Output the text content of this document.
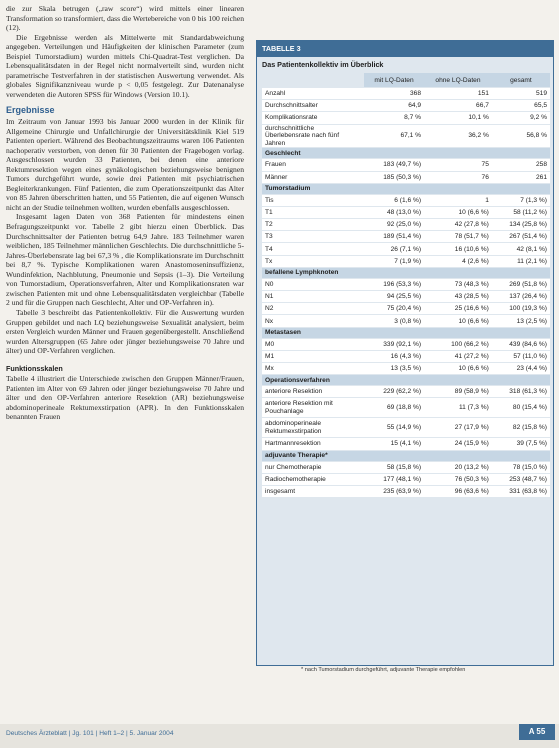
die zur Skala betrugen („raw score“) wird mittels einer linearen Transformation so transformiert, dass die Wertebereiche von 0 bis 100 reichen (12).

Die Ergebnisse werden als Mittelwerte mit Standardabweichung angegeben. Verteilungen und Häufigkeiten der klinischen Parameter (zum Beispiel Tumorstadium) wurden mittels Chi-Quadrat-Test verglichen. Da Lebensqualitätsdaten in der Regel nicht normalverteilt sind, wurden nicht parametrische Testverfahren in der statistischen Auswertung verwendet. Als globales Signifikanzniveau wurde p < 0,05 festgelegt. Zur Datenanalyse verwendeten die Autoren SPSS für Windows (Version 10.1).

Ergebnisse

Im Zeitraum von Januar 1993 bis Januar 2000 wurden in der Klinik für Allgemeine Chirurgie und Unfallchirurgie der Universitätsklinik Kiel 519 Patienten operiert. Während des Beobachtungszeitraums waren 106 Patienten nachoperativ verstorben, von denen für 30 Patienten der Fragebogen vorlag. Ausgeschlossen wurden 33 Patienten, bei denen eine anteriore Rektumresektion wegen eines gynäkologischen beziehungsweise benignen Tumors durchgeführt wurde, sowie drei Patienten mit psychiatrischen Begleiterkrankungen. Fünf Patienten, die zum Operationszeitpunkt das Alter von 85 Jahren überschritten hatten, und 55 Patienten, die auf eigenen Wunsch nicht an der Studie teilnehmen wollten, wurden ebenfalls ausgeschlossen.

Insgesamt lagen Daten von 368 Patienten für mindestens einen Befragungszeitpunkt vor. Tabelle 2 gibt hierzu einen Überblick. Das Durchschnittsalter der Patienten betrug 64,9 Jahre. 183 Teilnehmer waren weiblichen, 185 Teilnehmer männlichen Geschlechts. Die durchschnittliche 5-Jahres-Überlebensrate lag bei 67,3 % , die Komplikationsrate im Durchschnitt bei 8,7 %. Typische Komplikationen waren Anastomoseninsuffizienz, Wundinfektion, Nachblutung, Pneumonie und Sepsis (1–3). Die Verteilung von Tumorstadium, Operationsverfahren, Alter und Komplikationsraten war zwischen Patienten mit und ohne Lebensqualitätsdaten vergleichbar (Tabelle 2 und für die Gruppen nach Geschlecht, Alter und OP-Verfahren in).

Tabelle 3 beschreibt das Patientenkollektiv. Für die Auswertung wurden Gruppen gebildet und nach LQ beziehungsweise Sexualität analysiert, beim ersten Vergleich wurden Männer und Frauen gegenübergestellt. Anschließend wurden Altersgruppen (65 Jahre oder jünger beziehungsweise 70 Jahre und älter) und OP-Verfahren verglichen.

Funktionsskalen

Tabelle 4 illustriert die Unterschiede zwischen den Gruppen Männer/Frauen, Patienten im Alter von 69 Jahren oder jünger beziehungsweise 70 Jahre und älter und den OP-Verfahren anteriore Resektion (AR) beziehungsweise abdominoperineale Rektumexstirpation (APR). In den Funktionsskalen benannten Frauen

TABELLE 3
Das Patientenkollektiv im Überblick
	mit LQ-Daten	ohne LQ-Daten	gesamt
Anzahl	368	151	519
Durchschnittsalter	64,9	66,7	65,5
Komplikationsrate	8,7 %	10,1 %	9,2 %
durchschnittliche Überlebensrate nach fünf Jahren	67,1 %	36,2 %	56,8 %
Geschlecht			
Frauen	183 (49,7 %)	75	258
Männer	185 (50,3 %)	76	261
Tumorstadium			
Tis	6 (1,6 %)	1	7 (1,3 %)
T1	48 (13,0 %)	10 (6,6 %)	58 (11,2 %)
T2	92 (25,0 %)	42 (27,8 %)	134 (25,8 %)
T3	189 (51,4 %)	78 (51,7 %)	267 (51,4 %)
T4	26 (7,1 %)	16 (10,6 %)	42 (8,1 %)
Tx	7 (1,9 %)	4 (2,6 %)	11 (2,1 %)
befallene Lymphknoten			
N0	196 (53,3 %)	73 (48,3 %)	269 (51,8 %)
N1	94 (25,5 %)	43 (28,5 %)	137 (26,4 %)
N2	75 (20,4 %)	25 (16,6 %)	100 (19,3 %)
Nx	3 (0,8 %)	10 (6,6 %)	13 (2,5 %)
Metastasen			
M0	339 (92,1 %)	100 (66,2 %)	439 (84,6 %)
M1	16 (4,3 %)	41 (27,2 %)	57 (11,0 %)
Mx	13 (3,5 %)	10 (6,6 %)	23 (4,4 %)
Operationsverfahren			
anteriore Resektion	229 (62,2 %)	89 (58,9 %)	318 (61,3 %)
anteriore Resektion mit Pouchanlage	69 (18,8 %)	11 (7,3 %)	80 (15,4 %)
abdominoperineale Rektumexstirpation	55 (14,9 %)	27 (17,9 %)	82 (15,8 %)
Hartmannresektion	15 (4,1 %)	24 (15,9 %)	39 (7,5 %)
adjuvante Therapie*			
nur Chemotherapie	58 (15,8 %)	20 (13,2 %)	78 (15,0 %)
Radiochemotherapie	177 (48,1 %)	76 (50,3 %)	253 (48,7 %)
insgesamt	235 (63,9 %)	96 (63,6 %)	331 (63,8 %)
* nach Tumorstadium durchgeführt, adjuvante Therapie empfohlen
Deutsches Ärzteblatt | Jg. 101 | Heft 1–2 | 5. Januar 2004	A 55
